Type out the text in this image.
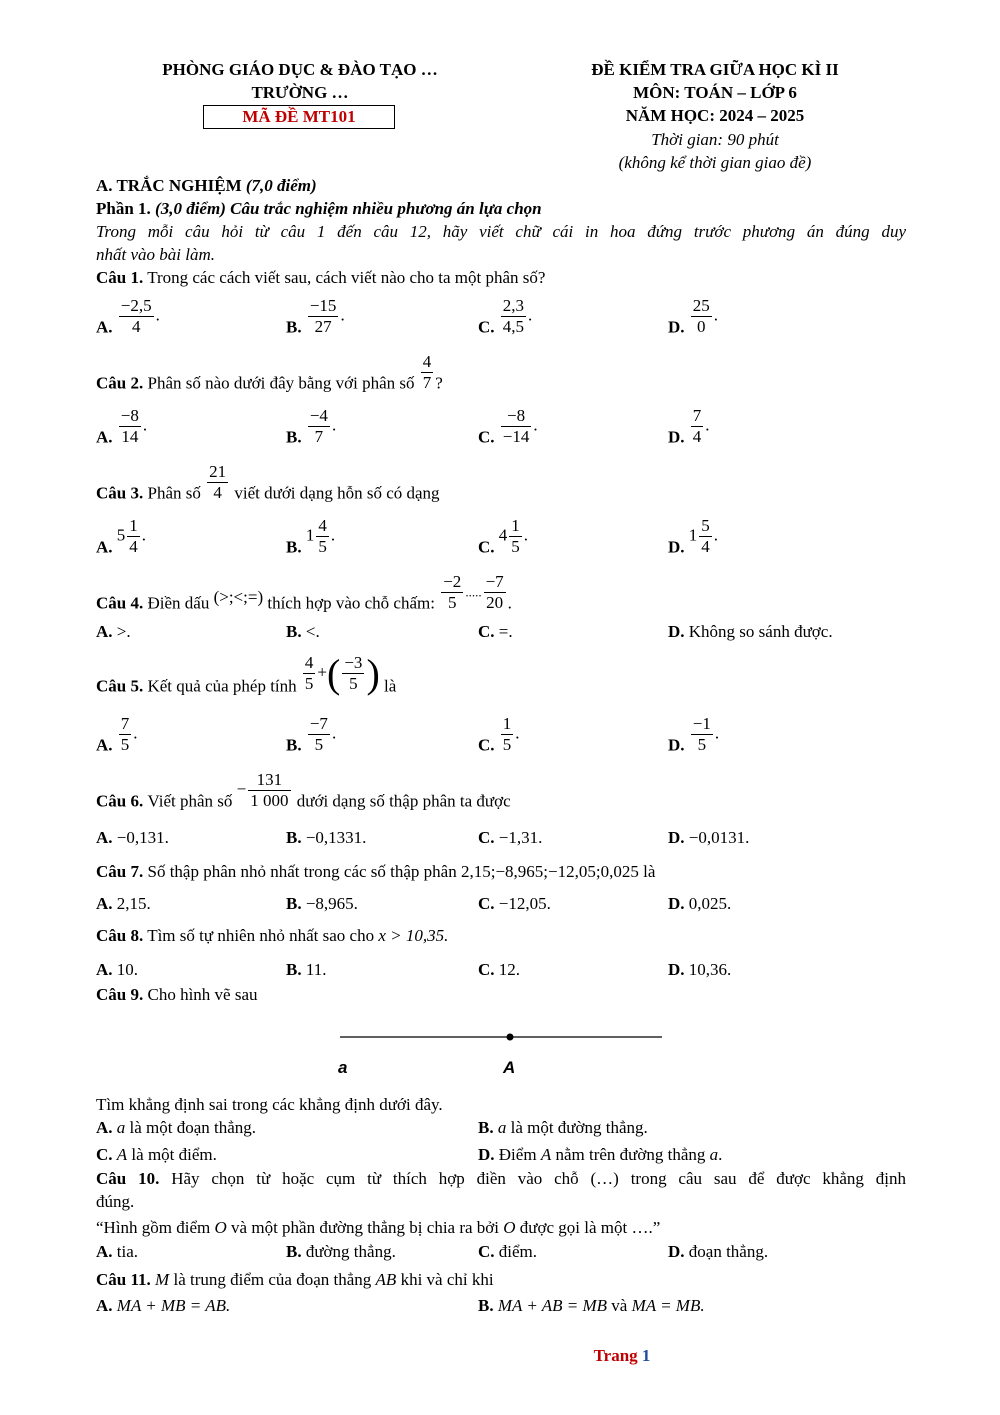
PHÒNG GIÁO DỤC & ĐÀO TẠO …
TRƯỜNG …
MÃ ĐỀ MT101
ĐỀ KIỂM TRA GIỮA HỌC KÌ II
MÔN: TOÁN – LỚP 6
NĂM HỌC: 2024 – 2025
Thời gian: 90 phút
(không kể thời gian giao đề)
A. TRẮC NGHIỆM (7,0 điểm)
Phần 1. (3,0 điểm) Câu trắc nghiệm nhiều phương án lựa chọn
Trong mỗi câu hỏi từ câu 1 đến câu 12, hãy viết chữ cái in hoa đứng trước phương án đúng duy
nhất vào bài làm.
Câu 1. Trong các cách viết sau, cách viết nào cho ta một phân số?
A. $\frac{-2,5}{4}$ .
B. $\frac{-15}{27}$ .
C. $\frac{2,3}{4,5}$ .
D. $\frac{25}{0}$ .
Câu 2. Phân số nào dưới đây bằng với phân số $\frac{4}{7}$ ?
A. $\frac{-8}{14}$ .
B. $\frac{-4}{7}$ .
C. $\frac{-8}{-14}$ .
D. $\frac{7}{4}$ .
Câu 3. Phân số $\frac{21}{4}$ viết dưới dạng hỗn số có dạng
A. $5 \frac{1}{4}$ .
B. $1 \frac{4}{5}$ .
C. $4 \frac{1}{5}$ .
D. $1 \frac{5}{4}$ .
Câu 4. Điền dấu (>;<;=) thích hợp vào chỗ chấm: $\frac{-2}{5}$ ..... $\frac{-7}{20}$ .
A. >.	B. <.	C. =.	D. Không so sánh được.
Câu 5. Kết quả của phép tính $\frac{4}{5}$ +( $\frac{-3}{5}$ ) là
A. $\frac{7}{5}$ .
B. $\frac{-7}{5}$ .
C. $\frac{1}{5}$ .
D. $\frac{-1}{5}$ .
Câu 6. Viết phân số − $\frac{131}{1 000}$ dưới dạng số thập phân ta được
A. −0,131.	B. −0,1331.	C. −1,31.	D. −0,0131.
Câu 7. Số thập phân nhỏ nhất trong các số thập phân 2,15;−8,965;−12,05;0,025 là
A. 2,15.	B. −8,965.	C. −12,05.	D. 0,025.
Câu 8. Tìm số tự nhiên nhỏ nhất sao cho x > 10,35.
A. 10.	B. 11.	C. 12.	D. 10,36.
Câu 9. Cho hình vẽ sau
a	A
Tìm khẳng định sai trong các khẳng định dưới đây.
A. a là một đoạn thẳng.	B. a là một đường thẳng.
C. A là một điểm.	D. Điểm A nằm trên đường thẳng a.
Câu 10. Hãy chọn từ hoặc cụm từ thích hợp điền vào chỗ (…) trong câu sau để được khẳng định
đúng.
“Hình gồm điểm O và một phần đường thẳng bị chia ra bởi O được gọi là một ….”
A. tia.	B. đường thẳng.	C. điểm.	D. đoạn thẳng.
Câu 11. M là trung điểm của đoạn thẳng AB khi và chỉ khi
A. MA + MB = AB.	B. MA + AB = MB và MA = MB.
Trang 1
